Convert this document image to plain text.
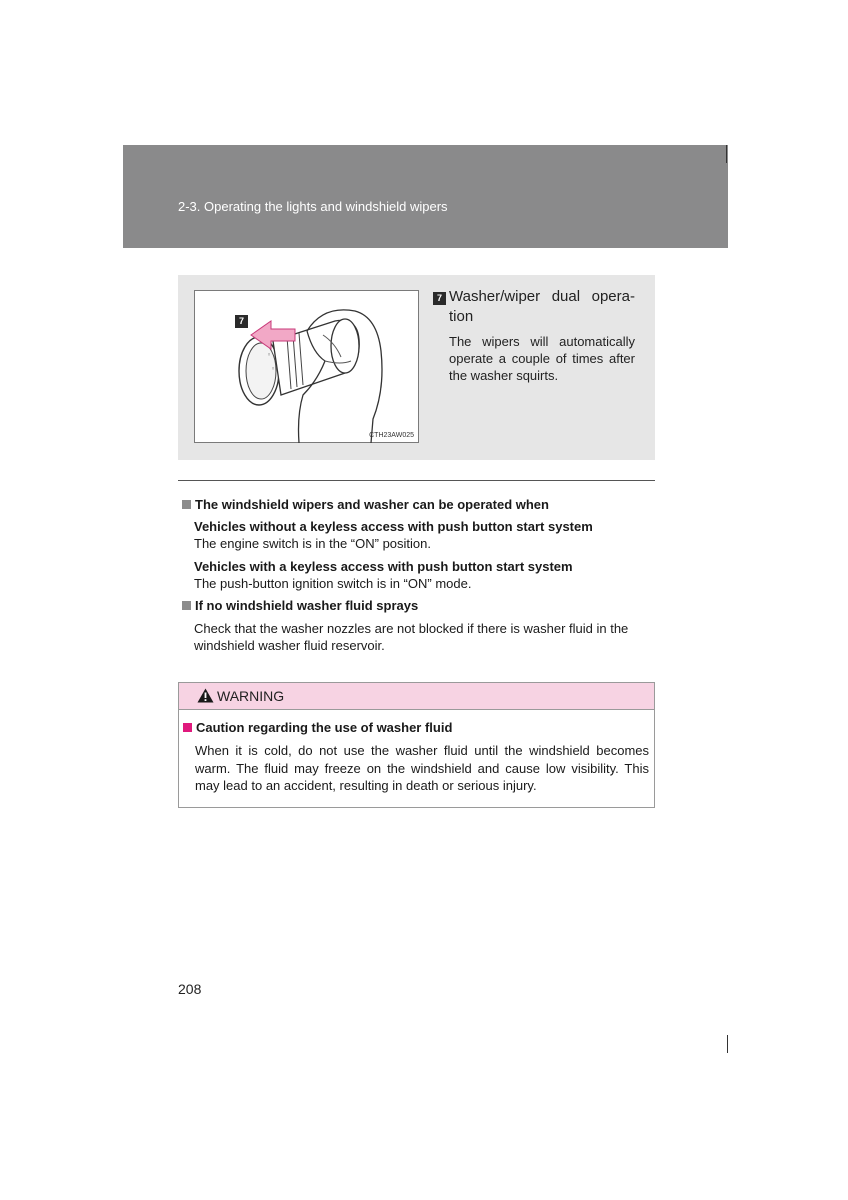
2-3. Operating the lights and windshield wipers
◦
◦
7
CTH23AW025
7 Washer/wiper dual opera-tion
The wipers will automatically operate a couple of times after the washer squirts.
The windshield wipers and washer can be operated when
Vehicles without a keyless access with push button start system
The engine switch is in the “ON” position.
Vehicles with a keyless access with push button start system
The push-button ignition switch is in “ON” mode.
If no windshield washer fluid sprays
Check that the washer nozzles are not blocked if there is washer fluid in the windshield washer fluid reservoir.
WARNING
Caution regarding the use of washer fluid
When it is cold, do not use the washer fluid until the windshield becomes warm. The fluid may freeze on the windshield and cause low visibility. This may lead to an accident, resulting in death or serious injury.
208
